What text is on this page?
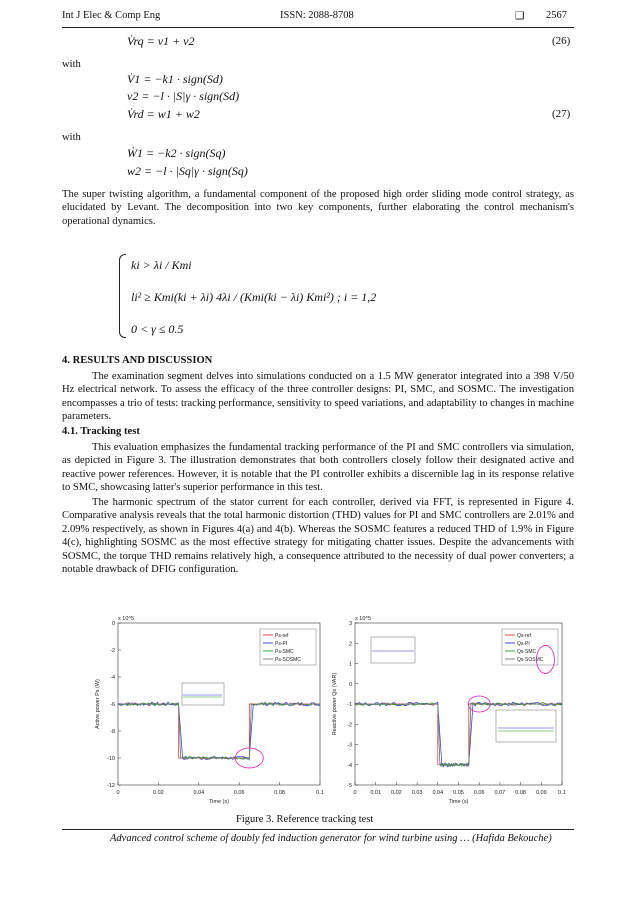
Int J Elec & Comp Eng	ISSN: 2088-8708	❑ 2567
V̇rq = v1 + v2	(26)
with
V̇1 = −k1 · sign(Sd)
v2 = −l · |S|γ · sign(Sd)
V̇rd = w1 + w2	(27)
with
Ẇ1 = −k2 · sign(Sq)
w2 = −l · |Sq|γ · sign(Sq)
The super twisting algorithm, a fundamental component of the proposed high order sliding mode control strategy, as elucidated by Levant. The decomposition into two key components, further elaborating the control mechanism's operational dynamics.
ki > λi / Kmi
li² ≥ Kmi(ki + λi) 4λi / (Kmi(ki − λi) Kmi²) ; i = 1,2
0 < γ ≤ 0.5
4. RESULTS AND DISCUSSION
The examination segment delves into simulations conducted on a 1.5 MW generator integrated into a 398 V/50 Hz electrical network. To assess the efficacy of the three controller designs: PI, SMC, and SOSMC. The investigation encompasses a trio of tests: tracking performance, sensitivity to speed variations, and adaptability to changes in machine parameters.
4.1. Tracking test
This evaluation emphasizes the fundamental tracking performance of the PI and SMC controllers via simulation, as depicted in Figure 3. The illustration demonstrates that both controllers closely follow their designated active and reactive power references. However, it is notable that the PI controller exhibits a discernible lag in its response relative to SMC, showcasing latter's superior performance in this test.
The harmonic spectrum of the stator current for each controller, derived via FFT, is represented in Figure 4. Comparative analysis reveals that the total harmonic distortion (THD) values for PI and SMC controllers are 2.01% and 2.09% respectively, as shown in Figures 4(a) and 4(b). Whereas the SOSMC features a reduced THD of 1.9% in Figure 4(c), highlighting SOSMC as the most effective strategy for mitigating chatter issues. Despite the advancements with SOSMC, the torque THD remains relatively high, a consequence attributed to the necessity of dual power converters; a notable drawback of DFIG configuration.
0	0.02	0.04	0.06	0.08	0.1
0
-2
-4
-6
-8
-10
-12
x 10^5
Time (s)
Active power Ps (W)
Ps-ref
Ps-PI
Ps-SMC
Ps-SOSMC
0	0.01 0.02 0.03 0.04 0.05 0.06 0.07 0.08 0.09 0.1
3
2
1
0
-1
-2
-3
-4
-5
x 10^5
Time (s)
Reactive power Qs (VAR)
Qs-ref
Qs-PI
Qs-SMC
Qs-SOSMC
Figure 3. Reference tracking test
Advanced control scheme of doubly fed induction generator for wind turbine using … (Hafida Bekouche)
